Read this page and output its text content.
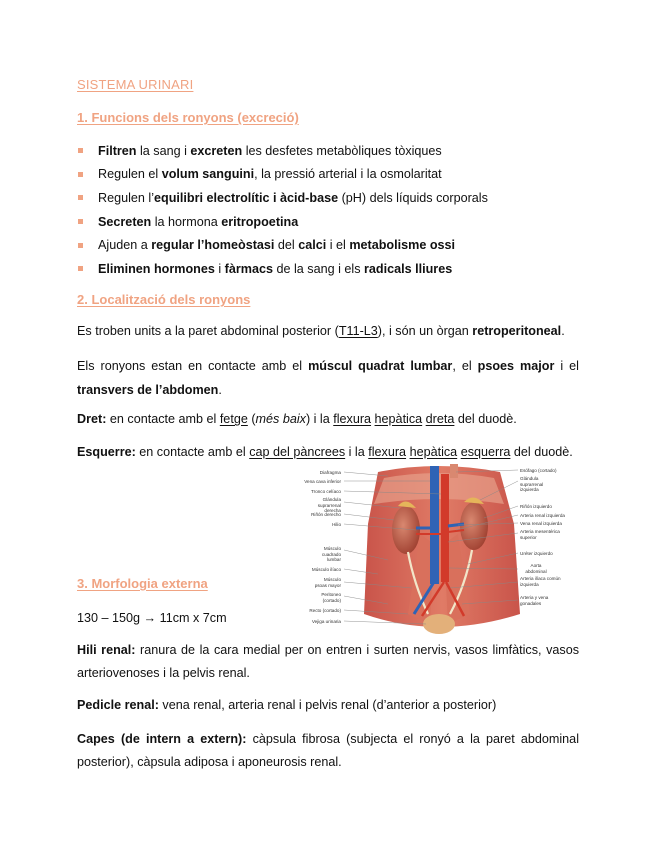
SISTEMA URINARI
1. Funcions dels ronyons (excreció)
Filtren la sang i excreten les desfetes metabòliques tòxiques
Regulen el volum sanguini, la pressió arterial i la osmolaritat
Regulen l’equilibri electrolític i àcid-base (pH) dels líquids corporals
Secreten la hormona eritropoetina
Ajuden a regular l’homeòstasi del calci i el metabolisme ossi
Eliminen hormones i fàrmacs de la sang i els radicals lliures
2. Localització dels ronyons
Es troben units a la paret abdominal posterior (T11-L3), i són un òrgan retroperitoneal.
Els ronyons estan en contacte amb el múscul quadrat lumbar, el psoes major i el transvers de l’abdomen.
Dret: en contacte amb el fetge (més baix) i la flexura hepàtica dreta del duodè.
Esquerre: en contacte amb el cap del pàncrees i la flexura hepàtica esquerra del duodè.
Diafragma
Vena cava inferior
Tronco celíaco
Glándula suprarrenal derecha
Riñón derecho
Hilio
Músculo cuadrado lumbar
Músculo ilíaco
Músculo psoas mayor
Peritoneo (cortado)
Recto (cortado)
Vejiga urinaria
Esófago (cortado)
Glándula suprarrenal izquierda
Riñón izquierdo
Arteria renal izquierda
Vena renal izquierda
Arteria mesentérica superior
Uréter izquierdo
Aorta abdominal
Arteria ilíaca común izquierda
Arteria y vena gonadales
3. Morfologia externa
130 – 150g → 11cm x 7cm
Hili renal: ranura de la cara medial per on entren i surten nervis, vasos limfàtics, vasos arteriovenoses i la pelvis renal.
Pedicle renal: vena renal, arteria renal i pelvis renal (d’anterior a posterior)
Capes (de intern a extern): càpsula fibrosa (subjecta el ronyó a la paret abdominal posterior), càpsula adiposa i aponeurosis renal.
